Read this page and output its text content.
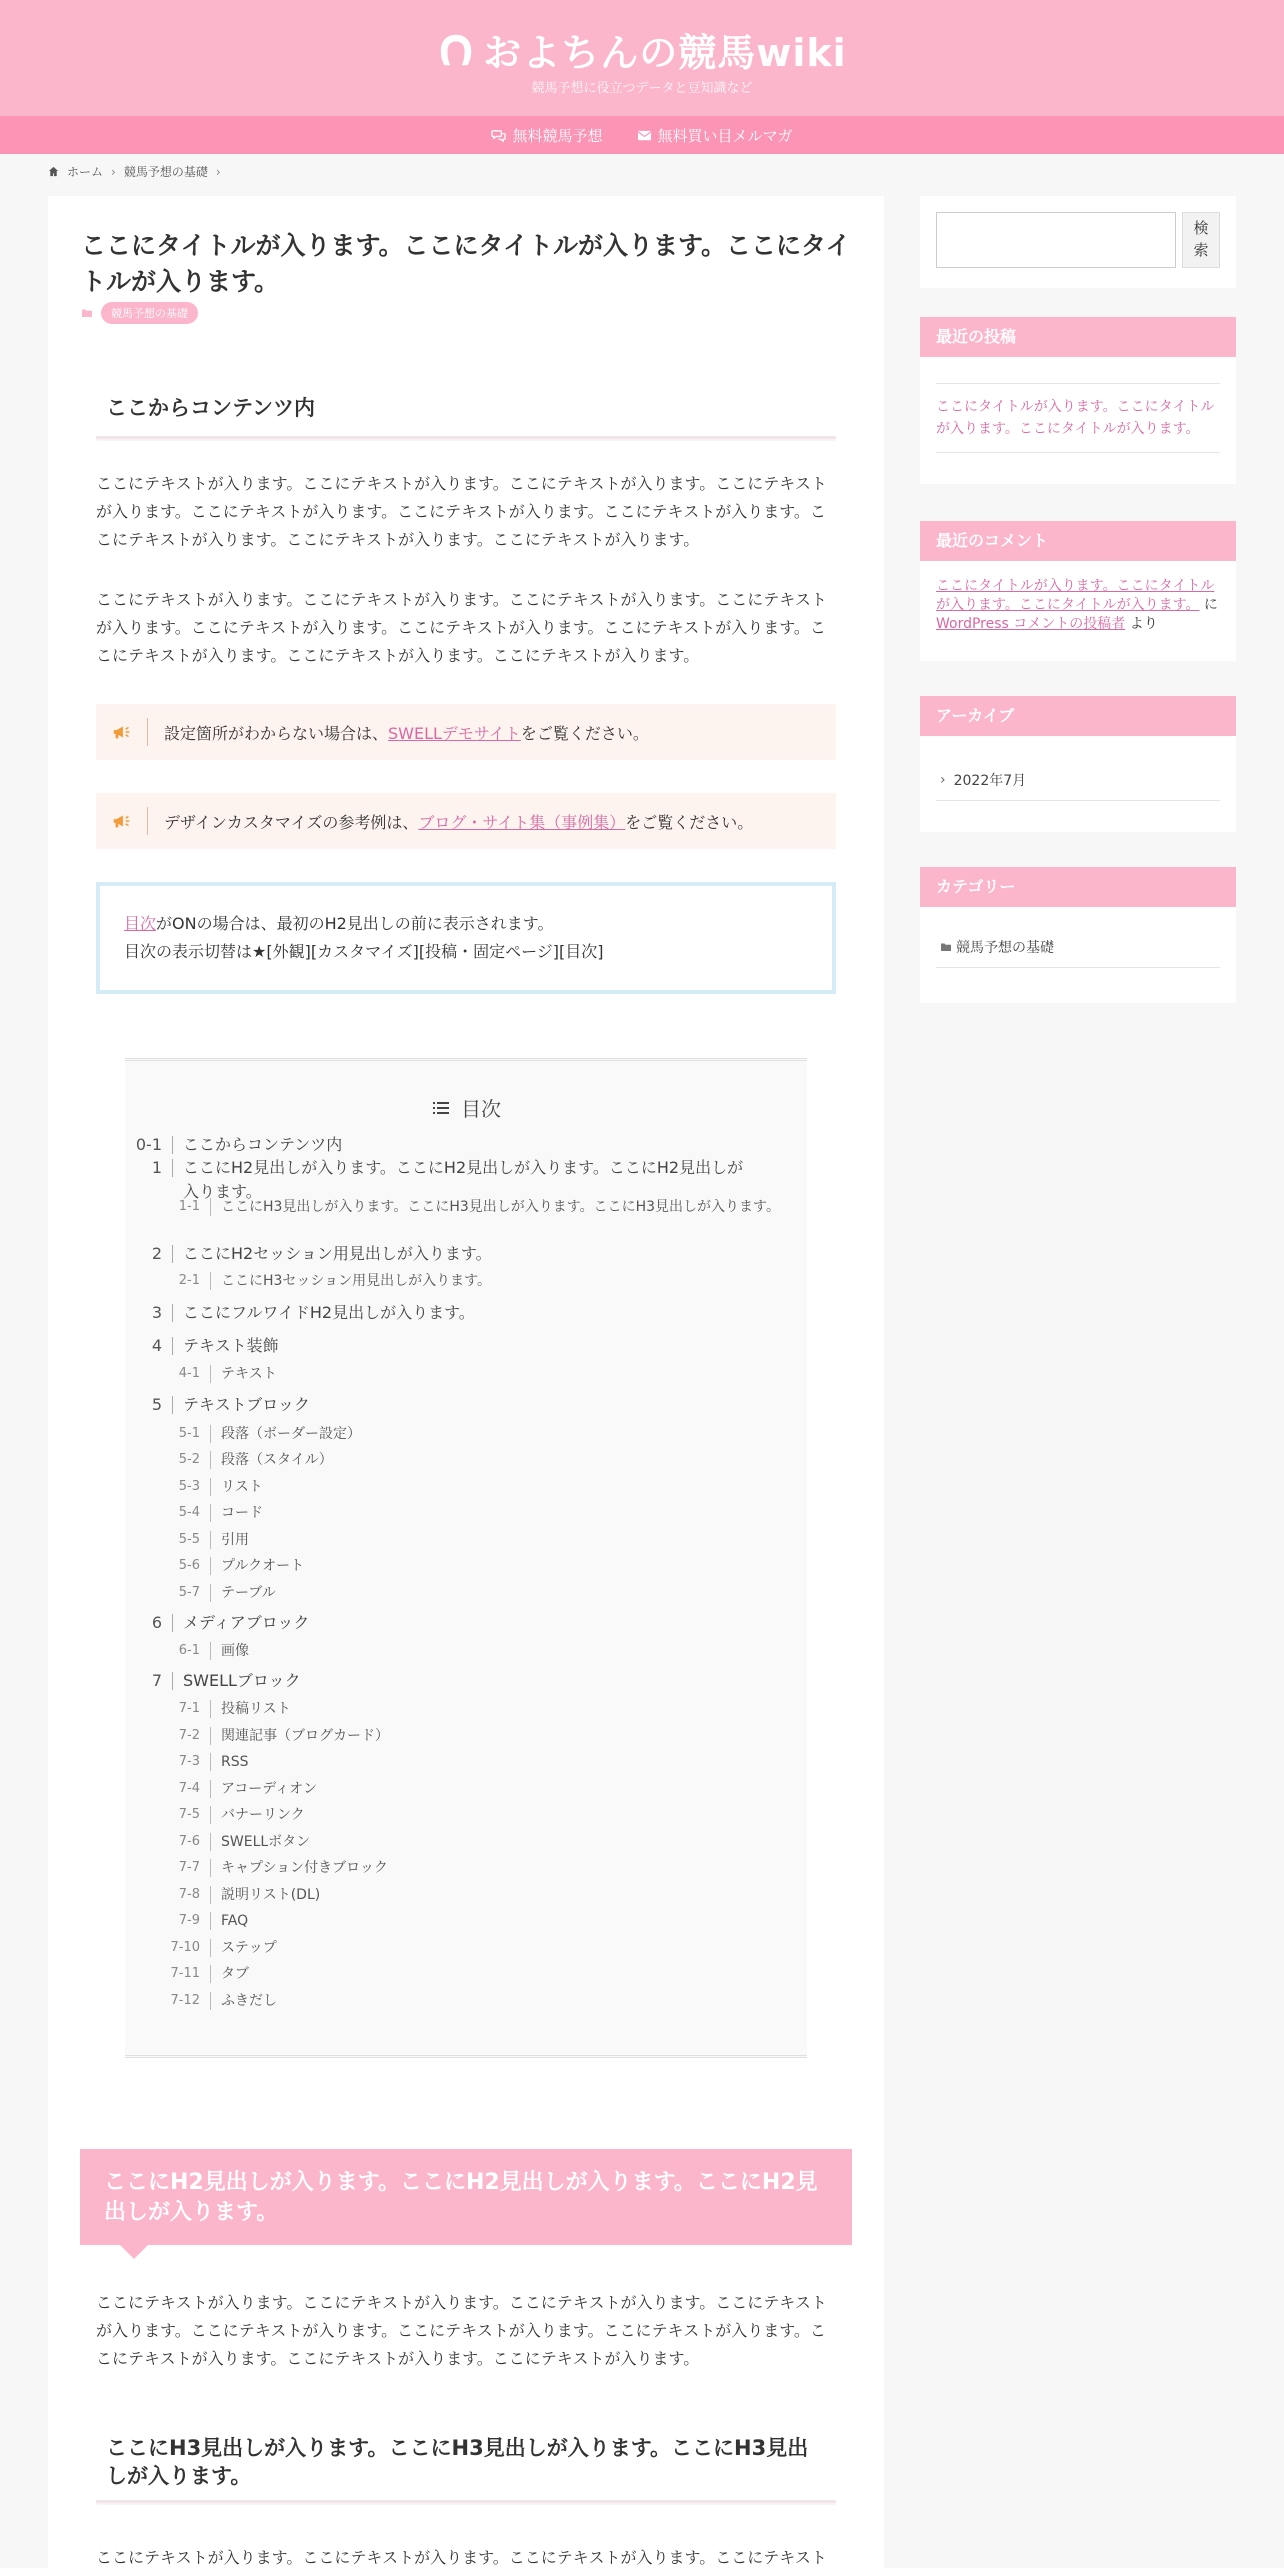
およちんの競馬wiki
競馬予想に役立つデータと豆知識など
無料競馬予想	無料買い目メルマガ
ホーム › 競馬予想の基礎 ›
ここにタイトルが入ります。ここにタイトルが入ります。ここにタイトルが入ります。
競馬予想の基礎
ここからコンテンツ内

ここにテキストが入ります。ここにテキストが入ります。ここにテキストが入ります。ここにテキストが入ります。ここにテキストが入ります。ここにテキストが入ります。ここにテキストが入ります。ここにテキストが入ります。ここにテキストが入ります。ここにテキストが入ります。

ここにテキストが入ります。ここにテキストが入ります。ここにテキストが入ります。ここにテキストが入ります。ここにテキストが入ります。ここにテキストが入ります。ここにテキストが入ります。ここにテキストが入ります。ここにテキストが入ります。ここにテキストが入ります。

設定箇所がわからない場合は、 SWELLデモサイト をご覧ください。
デザインカスタマイズの参考例は、 ブログ・サイト集（事例集） をご覧ください。
目次がONの場合は、最初のH2見出しの前に表示されます。
目次の表示切替は★[外観][カスタマイズ][投稿・固定ページ][目次]
目次
0-1	ここからコンテンツ内
1	ここにH2見出しが入ります。ここにH2見出しが入ります。ここにH2見出しが入ります。
1-1	ここにH3見出しが入ります。ここにH3見出しが入ります。ここにH3見出しが入ります。
2	ここにH2セッション用見出しが入ります。
2-1	ここにH3セッション用見出しが入ります。
3	ここにフルワイドH2見出しが入ります。
4	テキスト装飾
4-1	テキスト
5	テキストブロック
5-1	段落（ボーダー設定）
5-2	段落（スタイル）
5-3	リスト
5-4	コード
5-5	引用
5-6	プルクオート
5-7	テーブル
6	メディアブロック
6-1	画像
7	SWELLブロック
7-1	投稿リスト
7-2	関連記事（ブログカード）
7-3	RSS
7-4	アコーディオン
7-5	バナーリンク
7-6	SWELLボタン
7-7	キャプション付きブロック
7-8	説明リスト(DL)
7-9	FAQ
7-10	ステップ
7-11	タブ
7-12	ふきだし
ここにH2見出しが入ります。ここにH2見出しが入ります。ここにH2見出しが入ります。

ここにテキストが入ります。ここにテキストが入ります。ここにテキストが入ります。ここにテキストが入ります。ここにテキストが入ります。ここにテキストが入ります。ここにテキストが入ります。ここにテキストが入ります。ここにテキストが入ります。ここにテキストが入ります。

ここにH3見出しが入ります。ここにH3見出しが入ります。ここにH3見出しが入ります。

ここにテキストが入ります。ここにテキストが入ります。ここにテキストが入ります。ここにテキスト

検索
最近の投稿
ここにタイトルが入ります。ここにタイトルが入ります。ここにタイトルが入ります。
最近のコメント
ここにタイトルが入ります。ここにタイトルが入ります。ここにタイトルが入ります。 に WordPress コメントの投稿者 より
アーカイブ
› 2022年7月
カテゴリー
競馬予想の基礎
